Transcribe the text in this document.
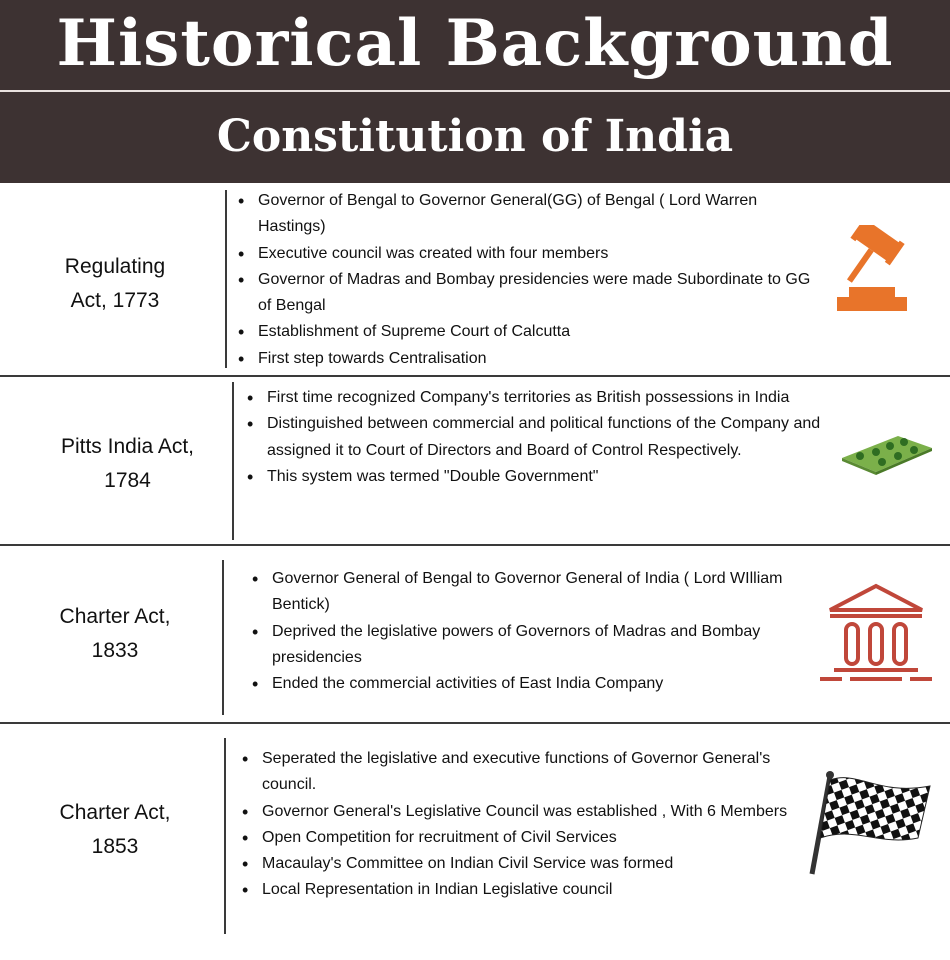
Historical Background
Constitution of India
Regulating
Act, 1773
• Governor of Bengal to Governor General(GG) of Bengal ( Lord Warren Hastings)
• Executive council was created with four members
• Governor of Madras and Bombay presidencies were made Subordinate to GG of Bengal
• Establishment of Supreme Court of Calcutta
• First step towards Centralisation
Pitts India Act,
1784
• First time recognized Company's territories as British possessions in India
• Distinguished between commercial and political functions of the Company and assigned it to Court of Directors and Board of Control Respectively.
• This system was termed "Double Government"
Charter Act,
1833
• Governor General of Bengal to Governor General of India ( Lord WIlliam Bentick)
• Deprived the legislative powers of Governors of Madras and Bombay presidencies
• Ended the commercial activities of East India Company
Charter Act,
1853
• Seperated the legislative and executive functions of Governor General's council.
• Governor General's Legislative Council was established , With 6 Members
• Open Competition for recruitment of Civil Services
• Macaulay's Committee on Indian Civil Service was formed
• Local Representation in Indian Legislative council
